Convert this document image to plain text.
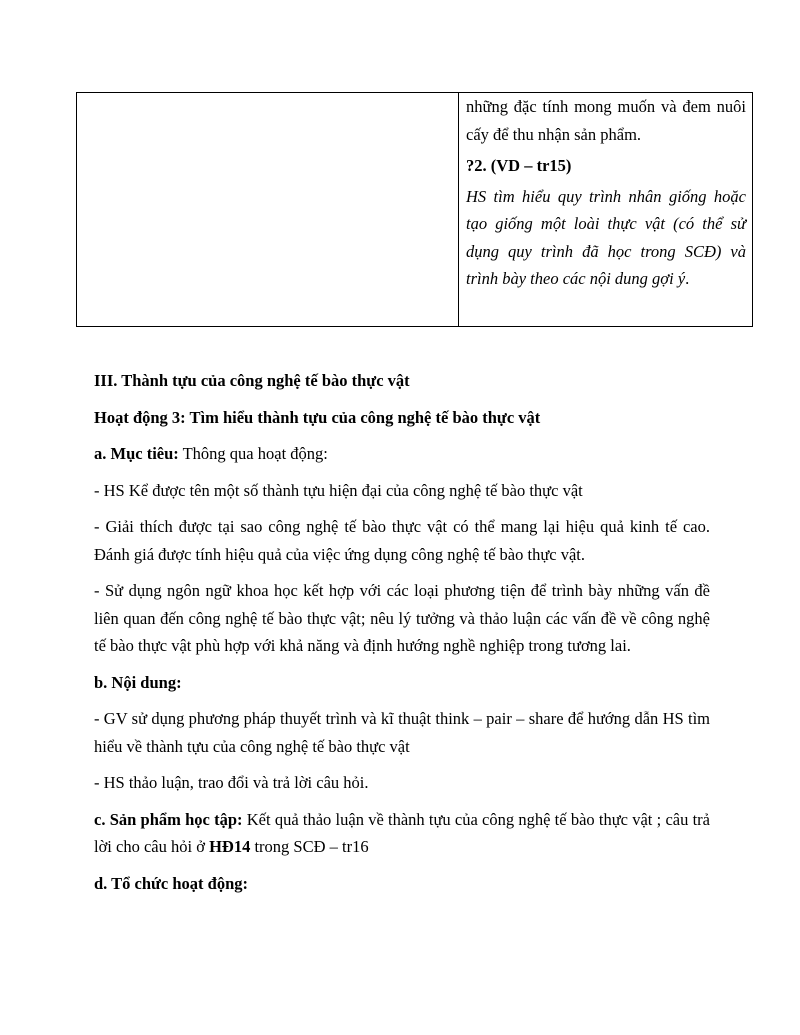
những đặc tính mong muốn và đem nuôi cấy để thu nhận sản phẩm.

?2. (VD – tr15)

HS tìm hiểu quy trình nhân giống hoặc tạo giống một loài thực vật (có thể sử dụng quy trình đã học trong SCĐ) và trình bày theo các nội dung gợi ý.

III. Thành tựu của công nghệ tế bào thực vật

Hoạt động 3: Tìm hiểu thành tựu của công nghệ tế bào thực vật

a. Mục tiêu: Thông qua hoạt động:

- HS Kể được tên một số thành tựu hiện đại của công nghệ tế bào thực vật

- Giải thích được tại sao công nghệ tế bào thực vật có thể mang lại hiệu quả kinh tế cao. Đánh giá được tính hiệu quả của việc ứng dụng công nghệ tế bào thực vật.

- Sử dụng ngôn ngữ khoa học kết hợp với các loại phương tiện để trình bày những vấn đề liên quan đến công nghệ tế bào thực vật; nêu lý tưởng và thảo luận các vấn đề về công nghệ tế bào thực vật phù hợp với khả năng và định hướng nghề nghiệp trong tương lai.

b. Nội dung:

- GV sử dụng phương pháp thuyết trình và kĩ thuật think – pair – share để hướng dẫn HS tìm hiểu về thành tựu của công nghệ tế bào thực vật

- HS thảo luận, trao đổi và trả lời câu hỏi.

c. Sản phẩm học tập: Kết quả thảo luận về thành tựu của công nghệ tế bào thực vật ; câu trả lời cho câu hỏi ở HĐ14 trong SCĐ – tr16

d. Tổ chức hoạt động:
